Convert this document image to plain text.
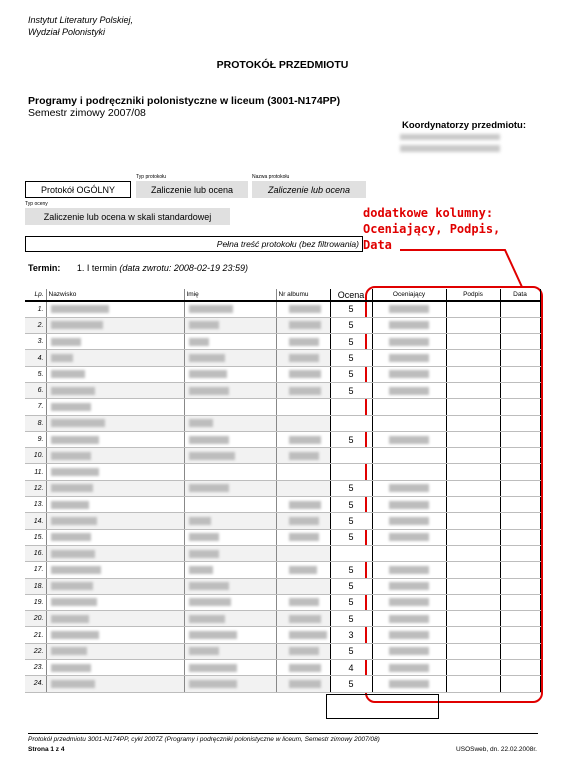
Instytut Literatury Polskiej,
Wydział Polonistyki
PROTOKÓŁ PRZEDMIOTU
Programy i podręczniki polonistyczne w liceum (3001-N174PP)
Semestr zimowy 2007/08
Koordynatorzy przedmiotu:
Typ protokołu	Nazwa protokołu
Protokół OGÓLNY	Zaliczenie lub ocena	Zaliczenie lub ocena
Typ oceny
Zaliczenie lub ocena w skali standardowej
Pełna treść protokołu (bez filtrowania)
Termin: 1. I termin (data zwrotu: 2008-02-19 23:59)
dodatkowe kolumny:
Oceniający, Podpis,
Data
Lp.	Nazwisko	Imię	Nr albumu	Ocena	Oceniający	Podpis	Data
1.				5			
2.				5			
3.				5			
4.				5			
5.				5			
6.				5			
7.							
8.							
9.				5			
10.							
11.							
12.				5			
13.				5			
14.				5			
15.				5			
16.							
17.				5			
18.				5			
19.				5			
20.				5			
21.				3			
22.				5			
23.				4			
24.				5			
Protokół przedmiotu 3001-N174PP, cykl 2007Z (Programy i podręczniki polonistyczne w liceum, Semestr zimowy 2007/08)
Strona 1 z 4	USOSweb, dn. 22.02.2008r.
